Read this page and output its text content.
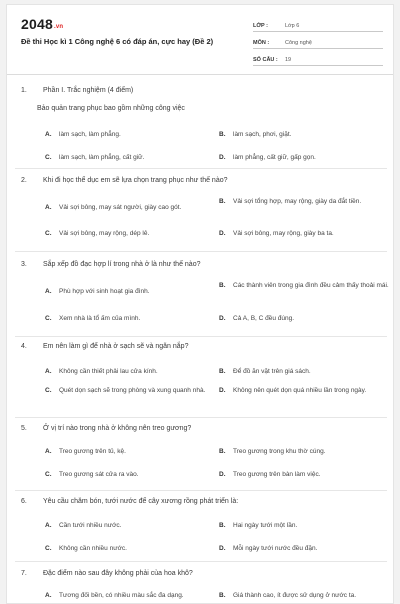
2048.vn
Đề thi Học kì 1 Công nghệ 6 có đáp án, cực hay (Đề 2)
LỚP :	Lớp 6
MÔN :	Công nghệ
SỐ CÂU :	19
1.	Phần I. Trắc nghiệm (4 điểm)
Bảo quản trang phục bao gồm những công việc
A.	làm sạch, làm phẳng.	B.	làm sạch, phơi, giặt.
C.	làm sạch, làm phẳng, cất giữ.	D.	làm phẳng, cất giữ, gấp gọn.
2.	Khi đi học thể dục em sẽ lựa chọn trang phục như thế nào?
A.	Vải sợi bông, may sát người, giày cao gót.
B.	Vải sợi tổng hợp, may rộng, giày da đắt tiền.
C.	Vải sợi bông, may rộng, dép lê.	D.	Vải sợi bông, may rộng, giày ba ta.
3.	Sắp xếp đồ đạc hợp lí trong nhà ở là như thế nào?
A.	Phù hợp với sinh hoạt gia đình.
B.	Các thành viên trong gia đình đều cảm thấy thoải mái.
C.	Xem nhà là tổ ấm của mình.	D.	Cả A, B, C đều đúng.
4.	Em nên làm gì để nhà ở sạch sẽ và ngăn nắp?
A.	Không cần thiết phải lau cửa kính.	B.	Để đồ ăn vặt trên giá sách.
C.	Quét dọn sạch sẽ trong phòng và xung quanh nhà. D.	Không nên quét dọn quá nhiều lần trong ngày.
5.	Ở vị trí nào trong nhà ở không nên treo gương?
A.	Treo gương trên tủ, kệ.	B.	Treo gương trong khu thờ cúng.
C.	Treo gương sát cửa ra vào.	D.	Treo gương trên bàn làm việc.
6.	Yêu cầu chăm bón, tưới nước để cây xương rồng phát triển là:
A.	Cần tưới nhiều nước.	B.	Hai ngày tưới một lần.
C.	Không cần nhiều nước.	D.	Mỗi ngày tưới nước đều đặn.
7.	Đặc điểm nào sau đây không phải của hoa khô?
A.	Tương đối bền, có nhiều màu sắc đa dạng.	B.	Giá thành cao, ít được sử dụng ở nước ta.
